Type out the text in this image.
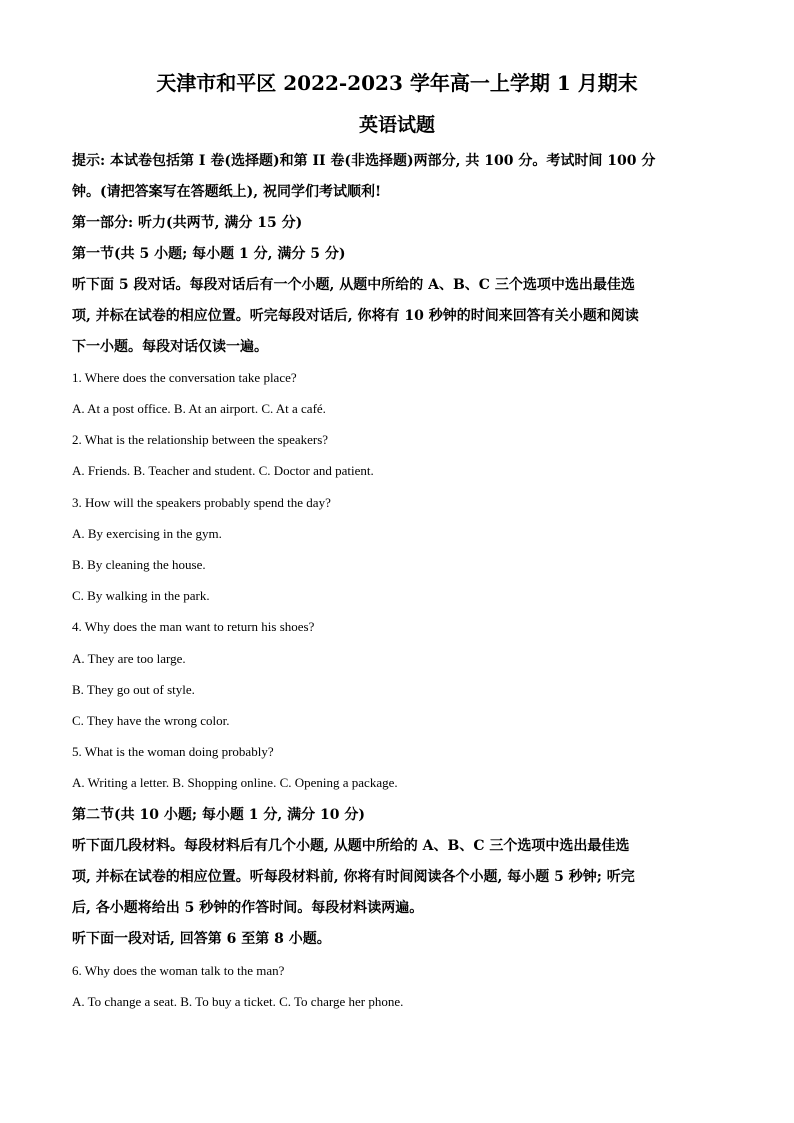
天津市和平区 2022-2023 学年高一上学期 1 月期末
英语试题
提示: 本试卷包括第 I 卷(选择题)和第 II 卷(非选择题)两部分, 共 100 分。考试时间 100 分
钟。(请把答案写在答题纸上), 祝同学们考试顺利!
第一部分: 听力(共两节, 满分 15 分)
第一节(共 5 小题; 每小题 1 分, 满分 5 分)
听下面 5 段对话。每段对话后有一个小题, 从题中所给的 A、B、C 三个选项中选出最佳选
项, 并标在试卷的相应位置。听完每段对话后, 你将有 10 秒钟的时间来回答有关小题和阅读
下一小题。每段对话仅读一遍。
1. Where does the conversation take place?
A. At a post office. B. At an airport. C. At a café.
2. What is the relationship between the speakers?
A. Friends. B. Teacher and student. C. Doctor and patient.
3. How will the speakers probably spend the day?
A. By exercising in the gym.
B. By cleaning the house.
C. By walking in the park.
4. Why does the man want to return his shoes?
A. They are too large.
B. They go out of style.
C. They have the wrong color.
5. What is the woman doing probably?
A. Writing a letter. B. Shopping online. C. Opening a package.
第二节(共 10 小题; 每小题 1 分, 满分 10 分)
听下面几段材料。每段材料后有几个小题, 从题中所给的 A、B、C 三个选项中选出最佳选
项, 并标在试卷的相应位置。听每段材料前, 你将有时间阅读各个小题, 每小题 5 秒钟; 听完
后, 各小题将给出 5 秒钟的作答时间。每段材料读两遍。
听下面一段对话, 回答第 6 至第 8 小题。
6. Why does the woman talk to the man?
A. To change a seat. B. To buy a ticket. C. To charge her phone.
